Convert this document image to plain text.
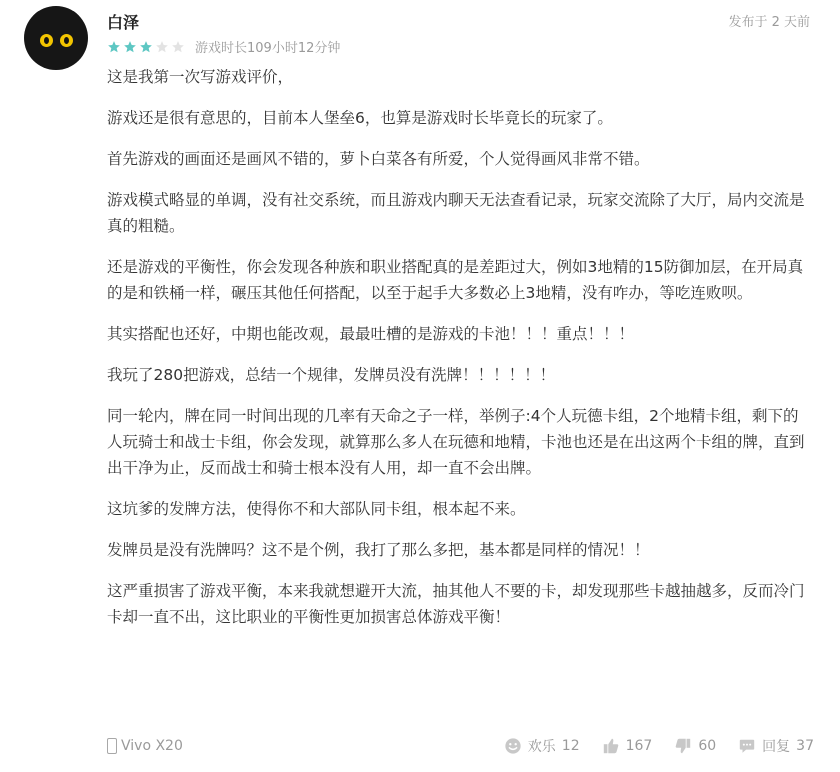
白泽	发布于 2 天前
游戏时长109小时12分钟

这是我第一次写游戏评价，

游戏还是很有意思的，目前本人堡垒6，也算是游戏时长毕竟长的玩家了。

首先游戏的画面还是画风不错的，萝卜白菜各有所爱，个人觉得画风非常不错。

游戏模式略显的单调，没有社交系统，而且游戏内聊天无法查看记录，玩家交流除了大厅，局内交流是真的粗糙。

还是游戏的平衡性，你会发现各种族和职业搭配真的是差距过大，例如3地精的15防御加层，在开局真的是和铁桶一样，碾压其他任何搭配，以至于起手大多数必上3地精，没有咋办，等吃连败呗。

其实搭配也还好，中期也能改观，最最吐槽的是游戏的卡池！！！重点！！！

我玩了280把游戏，总结一个规律，发牌员没有洗牌！！！！！！

同一轮内，牌在同一时间出现的几率有天命之子一样，举例子:4个人玩德卡组，2个地精卡组，剩下的人玩骑士和战士卡组，你会发现，就算那么多人在玩德和地精，卡池也还是在出这两个卡组的牌，直到出干净为止，反而战士和骑士根本没有人用，却一直不会出牌。

这坑爹的发牌方法，使得你不和大部队同卡组，根本起不来。

发牌员是没有洗牌吗？这不是个例，我打了那么多把，基本都是同样的情况！！

这严重损害了游戏平衡，本来我就想避开大流，抽其他人不要的卡，却发现那些卡越抽越多，反而冷门卡却一直不出，这比职业的平衡性更加损害总体游戏平衡！

Vivo X20	欢乐 12	167	60	回复 37
